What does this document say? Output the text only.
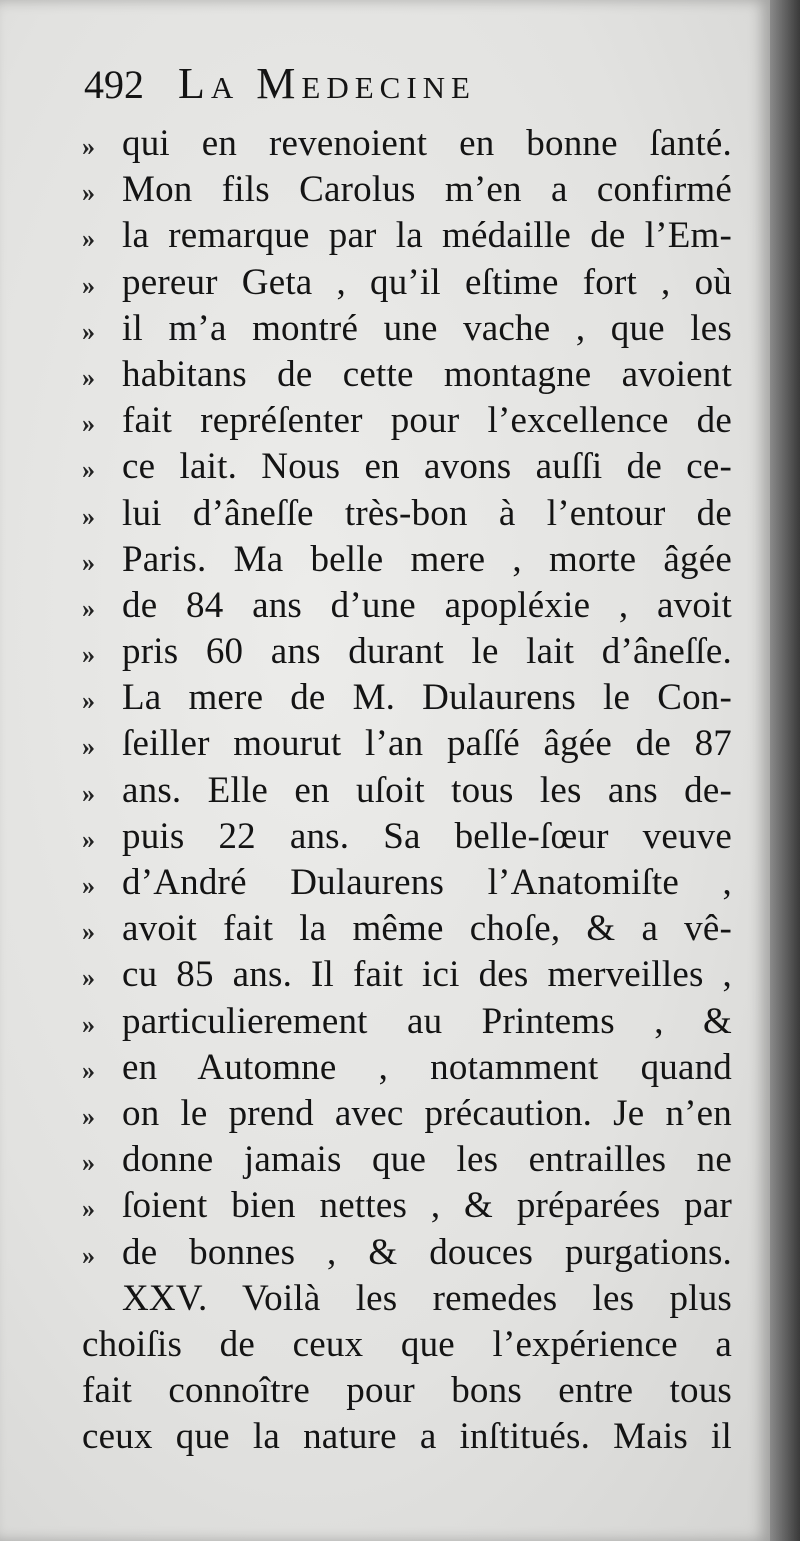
492 La Medecine
» qui en revenoient en bonne ſanté.
» Mon fils Carolus m’en a confirmé
» la remarque par la médaille de l’Em-
» pereur Geta , qu’il eſtime fort , où
» il m’a montré une vache , que les
» habitans de cette montagne avoient
» fait repréſenter pour l’excellence de
» ce lait. Nous en avons auſſi de ce-
» lui d’âneſſe très-bon à l’entour de
» Paris. Ma belle mere , morte âgée
» de 84 ans d’une apopléxie , avoit
» pris 60 ans durant le lait d’âneſſe.
» La mere de M. Dulaurens le Con-
» ſeiller mourut l’an paſſé âgée de 87
» ans. Elle en uſoit tous les ans de-
» puis 22 ans. Sa belle-ſœur veuve
» d’André Dulaurens l’Anatomiſte ,
» avoit fait la même choſe, & a vê-
» cu 85 ans. Il fait ici des merveilles ,
» particulierement au Printems , &
» en Automne , notamment quand
» on le prend avec précaution. Je n’en
» donne jamais que les entrailles ne
» ſoient bien nettes , & préparées par
» de bonnes , & douces purgations.
XXV. Voilà les remedes les plus
choiſis de ceux que l’expérience a
fait connoître pour bons entre tous
ceux que la nature a inſtitués. Mais il
